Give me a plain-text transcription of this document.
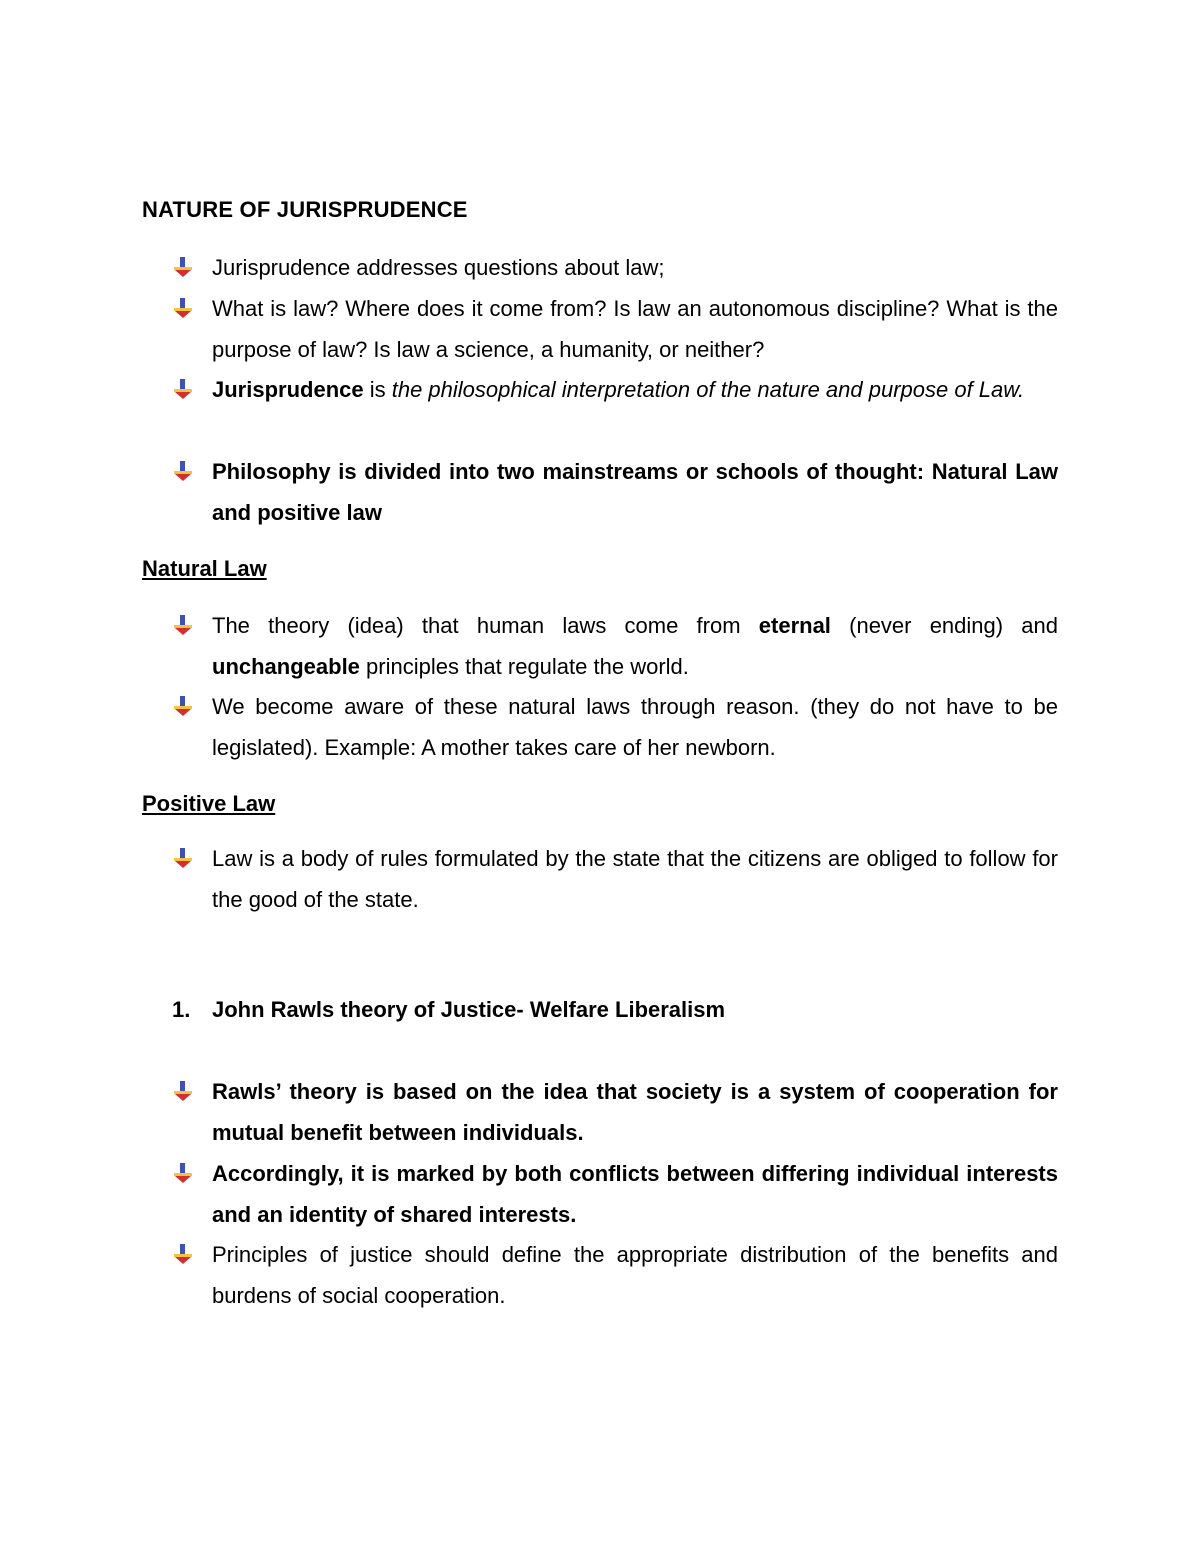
NATURE OF JURISPRUDENCE
Jurisprudence addresses questions about law;
What is law? Where does it come from? Is law an autonomous discipline? What is the purpose of law? Is law a science, a humanity, or neither?
Jurisprudence is the philosophical interpretation of the nature and purpose of Law.
Philosophy is divided into two mainstreams or schools of thought: Natural Law and positive law
Natural Law
The theory (idea) that human laws come from eternal (never ending) and unchangeable principles that regulate the world.
We become aware of these natural laws through reason. (they do not have to be legislated). Example: A mother takes care of her newborn.
Positive Law
Law is a body of rules formulated by the state that the citizens are obliged to follow for the good of the state.
1. John Rawls theory of Justice- Welfare Liberalism
Rawls’ theory is based on the idea that society is a system of cooperation for mutual benefit between individuals.
Accordingly, it is marked by both conflicts between differing individual interests and an identity of shared interests.
Principles of justice should define the appropriate distribution of the benefits and burdens of social cooperation.
